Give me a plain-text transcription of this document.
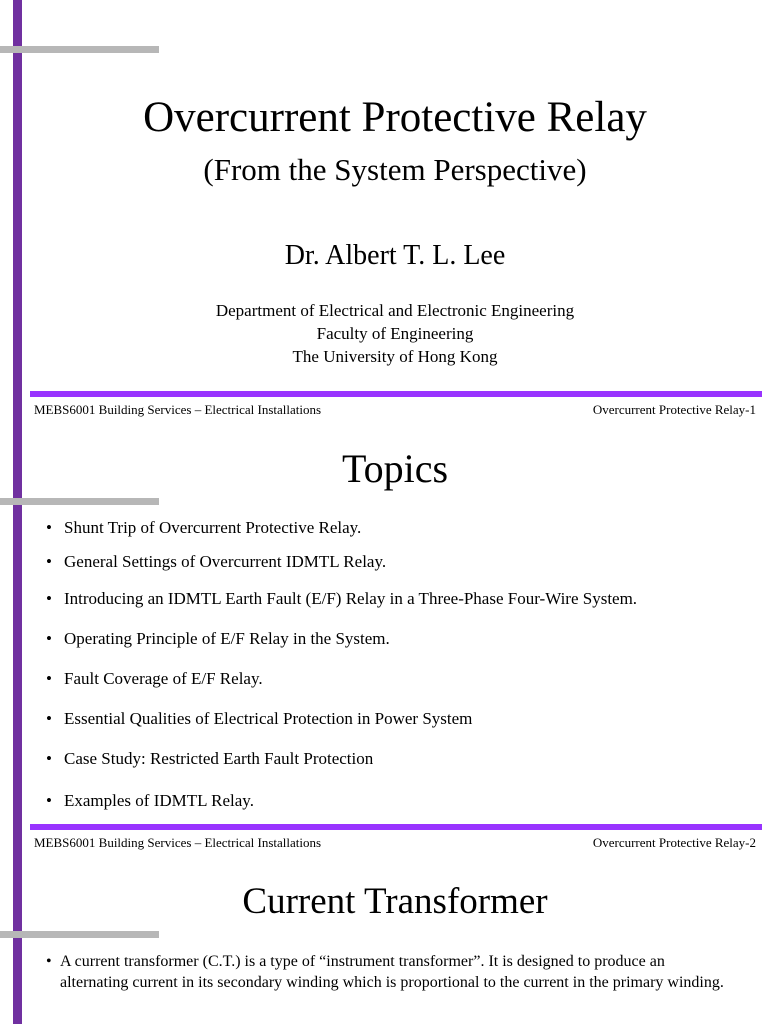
Overcurrent Protective Relay
(From the System Perspective)
Dr. Albert T. L. Lee
Department of Electrical and Electronic Engineering
Faculty of Engineering
The University of Hong Kong
MEBS6001 Building Services – Electrical Installations	Overcurrent Protective Relay-1
Topics
• Shunt Trip of Overcurrent Protective Relay.
• General Settings of Overcurrent IDMTL Relay.
• Introducing an IDMTL Earth Fault (E/F) Relay in a Three-Phase Four-Wire System.
• Operating Principle of E/F Relay in the System.
• Fault Coverage of E/F Relay.
• Essential Qualities of Electrical Protection in Power System
• Case Study: Restricted Earth Fault Protection
• Examples of IDMTL Relay.
MEBS6001 Building Services – Electrical Installations	Overcurrent Protective Relay-2
Current Transformer
• A current transformer (C.T.) is a type of “instrument transformer”. It is designed to produce an alternating current in its secondary winding which is proportional to the current in the primary winding.
